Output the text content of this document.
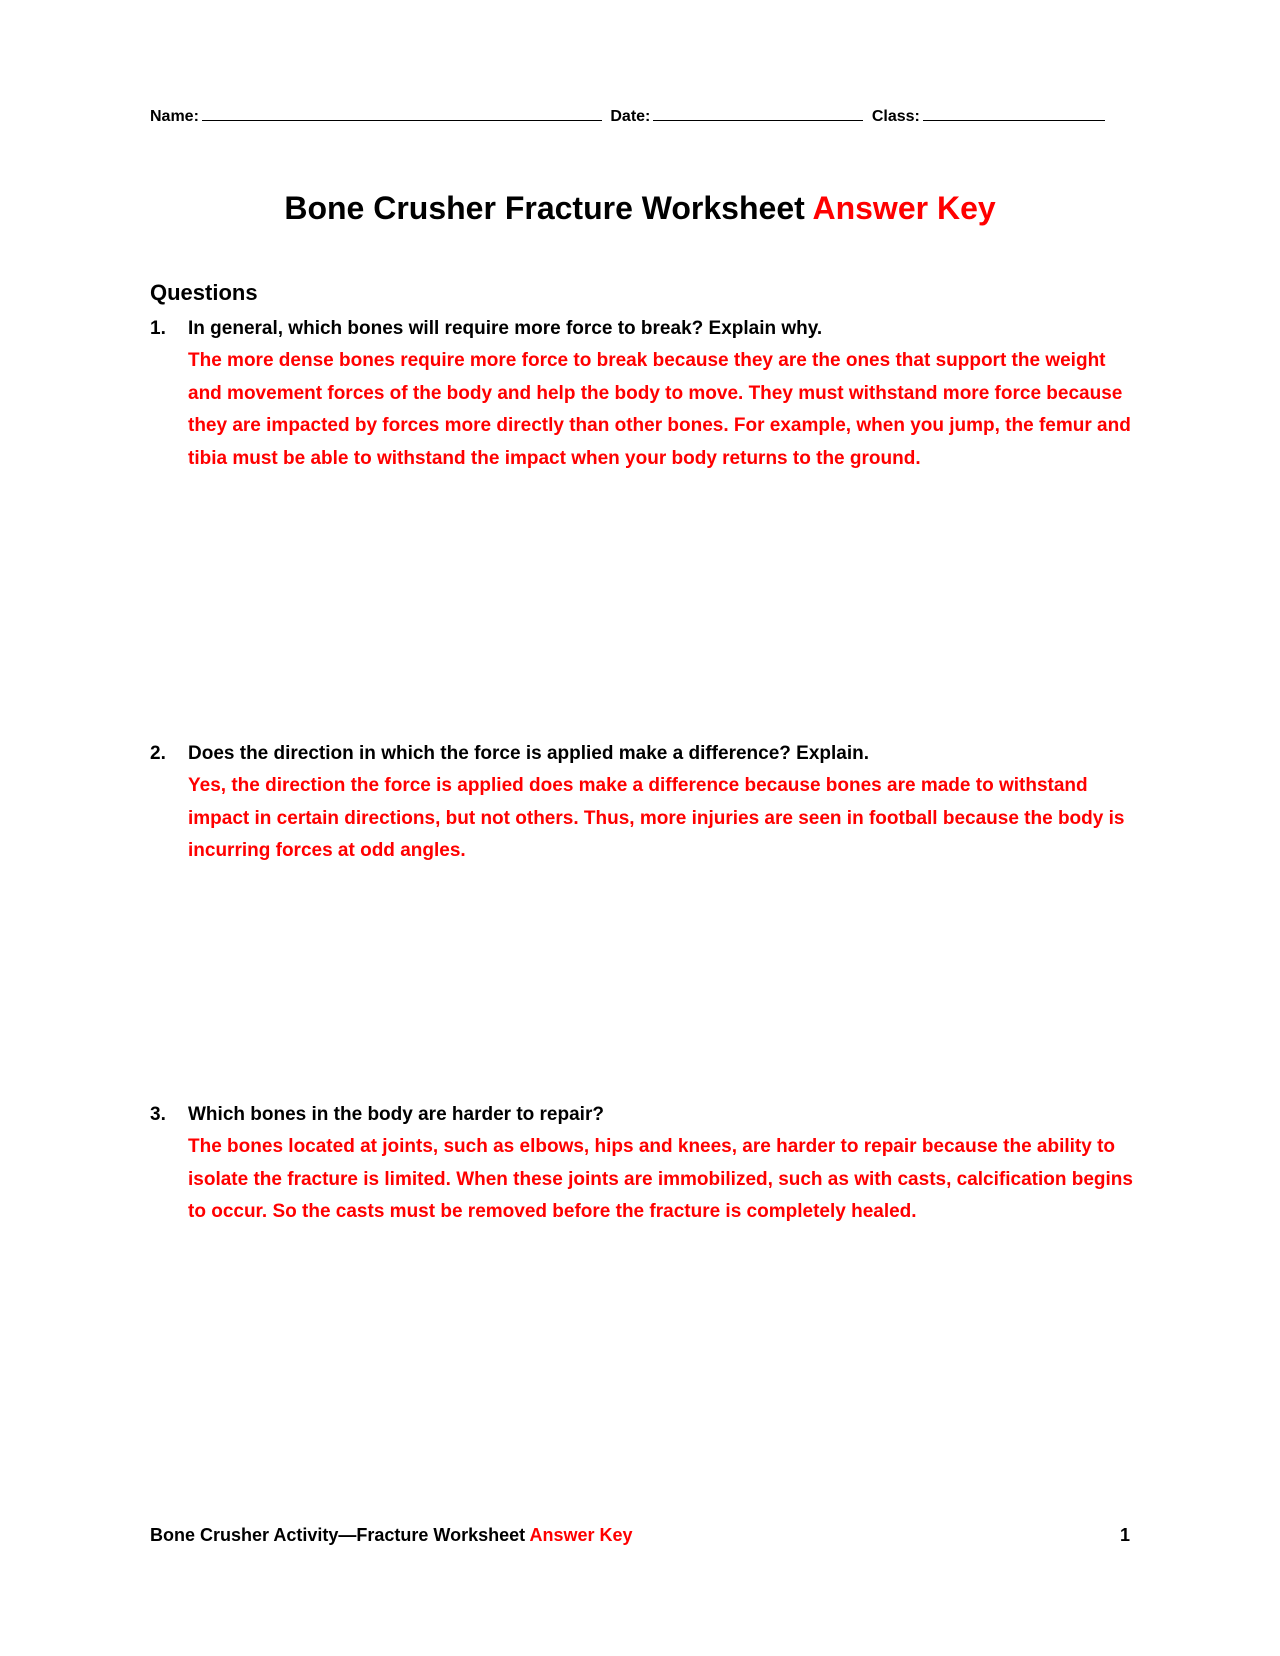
Name:	Date:	Class:
Bone Crusher Fracture Worksheet Answer Key
Questions
1.	In general, which bones will require more force to break? Explain why.
The more dense bones require more force to break because they are the ones that support the weight and movement forces of the body and help the body to move. They must withstand more force because they are impacted by forces more directly than other bones. For example, when you jump, the femur and tibia must be able to withstand the impact when your body returns to the ground.
2.	Does the direction in which the force is applied make a difference? Explain.
Yes, the direction the force is applied does make a difference because bones are made to withstand impact in certain directions, but not others. Thus, more injuries are seen in football because the body is incurring forces at odd angles.
3.	Which bones in the body are harder to repair?
The bones located at joints, such as elbows, hips and knees, are harder to repair because the ability to isolate the fracture is limited. When these joints are immobilized, such as with casts, calcification begins to occur. So the casts must be removed before the fracture is completely healed.
Bone Crusher Activity—Fracture Worksheet Answer Key	1
